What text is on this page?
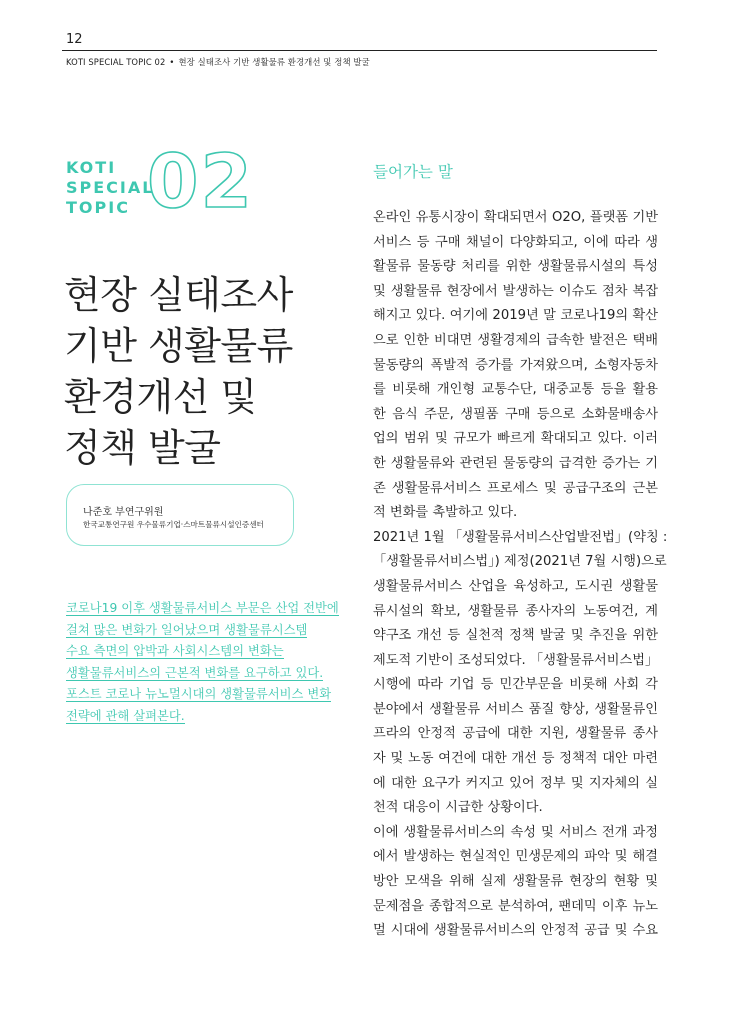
12
KOTI SPECIAL TOPIC 02 • 현장 실태조사 기반 생활물류 환경개선 및 정책 발굴
KOTI
SPECIAL
TOPIC 02
현장 실태조사
기반 생활물류
환경개선 및
정책 발굴
나준호 부연구위원
한국교통연구원 우수물류기업·스마트물류시설인증센터
코로나19 이후 생활물류서비스 부문은 산업 전반에
걸쳐 많은 변화가 일어났으며 생활물류시스템
수요 측면의 압박과 사회시스템의 변화는
생활물류서비스의 근본적 변화를 요구하고 있다.
포스트 코로나 뉴노멀시대의 생활물류서비스 변화
전략에 관해 살펴본다.
들어가는 말
온라인 유통시장이 확대되면서 O2O, 플랫폼 기반
서비스 등 구매 채널이 다양화되고, 이에 따라 생
활물류 물동량 처리를 위한 생활물류시설의 특성
및 생활물류 현장에서 발생하는 이슈도 점차 복잡
해지고 있다. 여기에 2019년 말 코로나19의 확산
으로 인한 비대면 생활경제의 급속한 발전은 택배
물동량의 폭발적 증가를 가져왔으며, 소형자동차
를 비롯해 개인형 교통수단, 대중교통 등을 활용
한 음식 주문, 생필품 구매 등으로 소화물배송사
업의 범위 및 규모가 빠르게 확대되고 있다. 이러
한 생활물류와 관련된 물동량의 급격한 증가는 기
존 생활물류서비스 프로세스 및 공급구조의 근본
적 변화를 촉발하고 있다.
2021년 1월 「생활물류서비스산업발전법」(약칭 :
「생활물류서비스법」) 제정(2021년 7월 시행)으로
생활물류서비스 산업을 육성하고, 도시권 생활물
류시설의 확보, 생활물류 종사자의 노동여건, 계
약구조 개선 등 실천적 정책 발굴 및 추진을 위한
제도적 기반이 조성되었다. 「생활물류서비스법」
시행에 따라 기업 등 민간부문을 비롯해 사회 각
분야에서 생활물류 서비스 품질 향상, 생활물류인
프라의 안정적 공급에 대한 지원, 생활물류 종사
자 및 노동 여건에 대한 개선 등 정책적 대안 마련
에 대한 요구가 커지고 있어 정부 및 지자체의 실
천적 대응이 시급한 상황이다.
이에 생활물류서비스의 속성 및 서비스 전개 과정
에서 발생하는 현실적인 민생문제의 파악 및 해결
방안 모색을 위해 실제 생활물류 현장의 현황 및
문제점을 종합적으로 분석하여, 팬데믹 이후 뉴노
멀 시대에 생활물류서비스의 안정적 공급 및 수요
